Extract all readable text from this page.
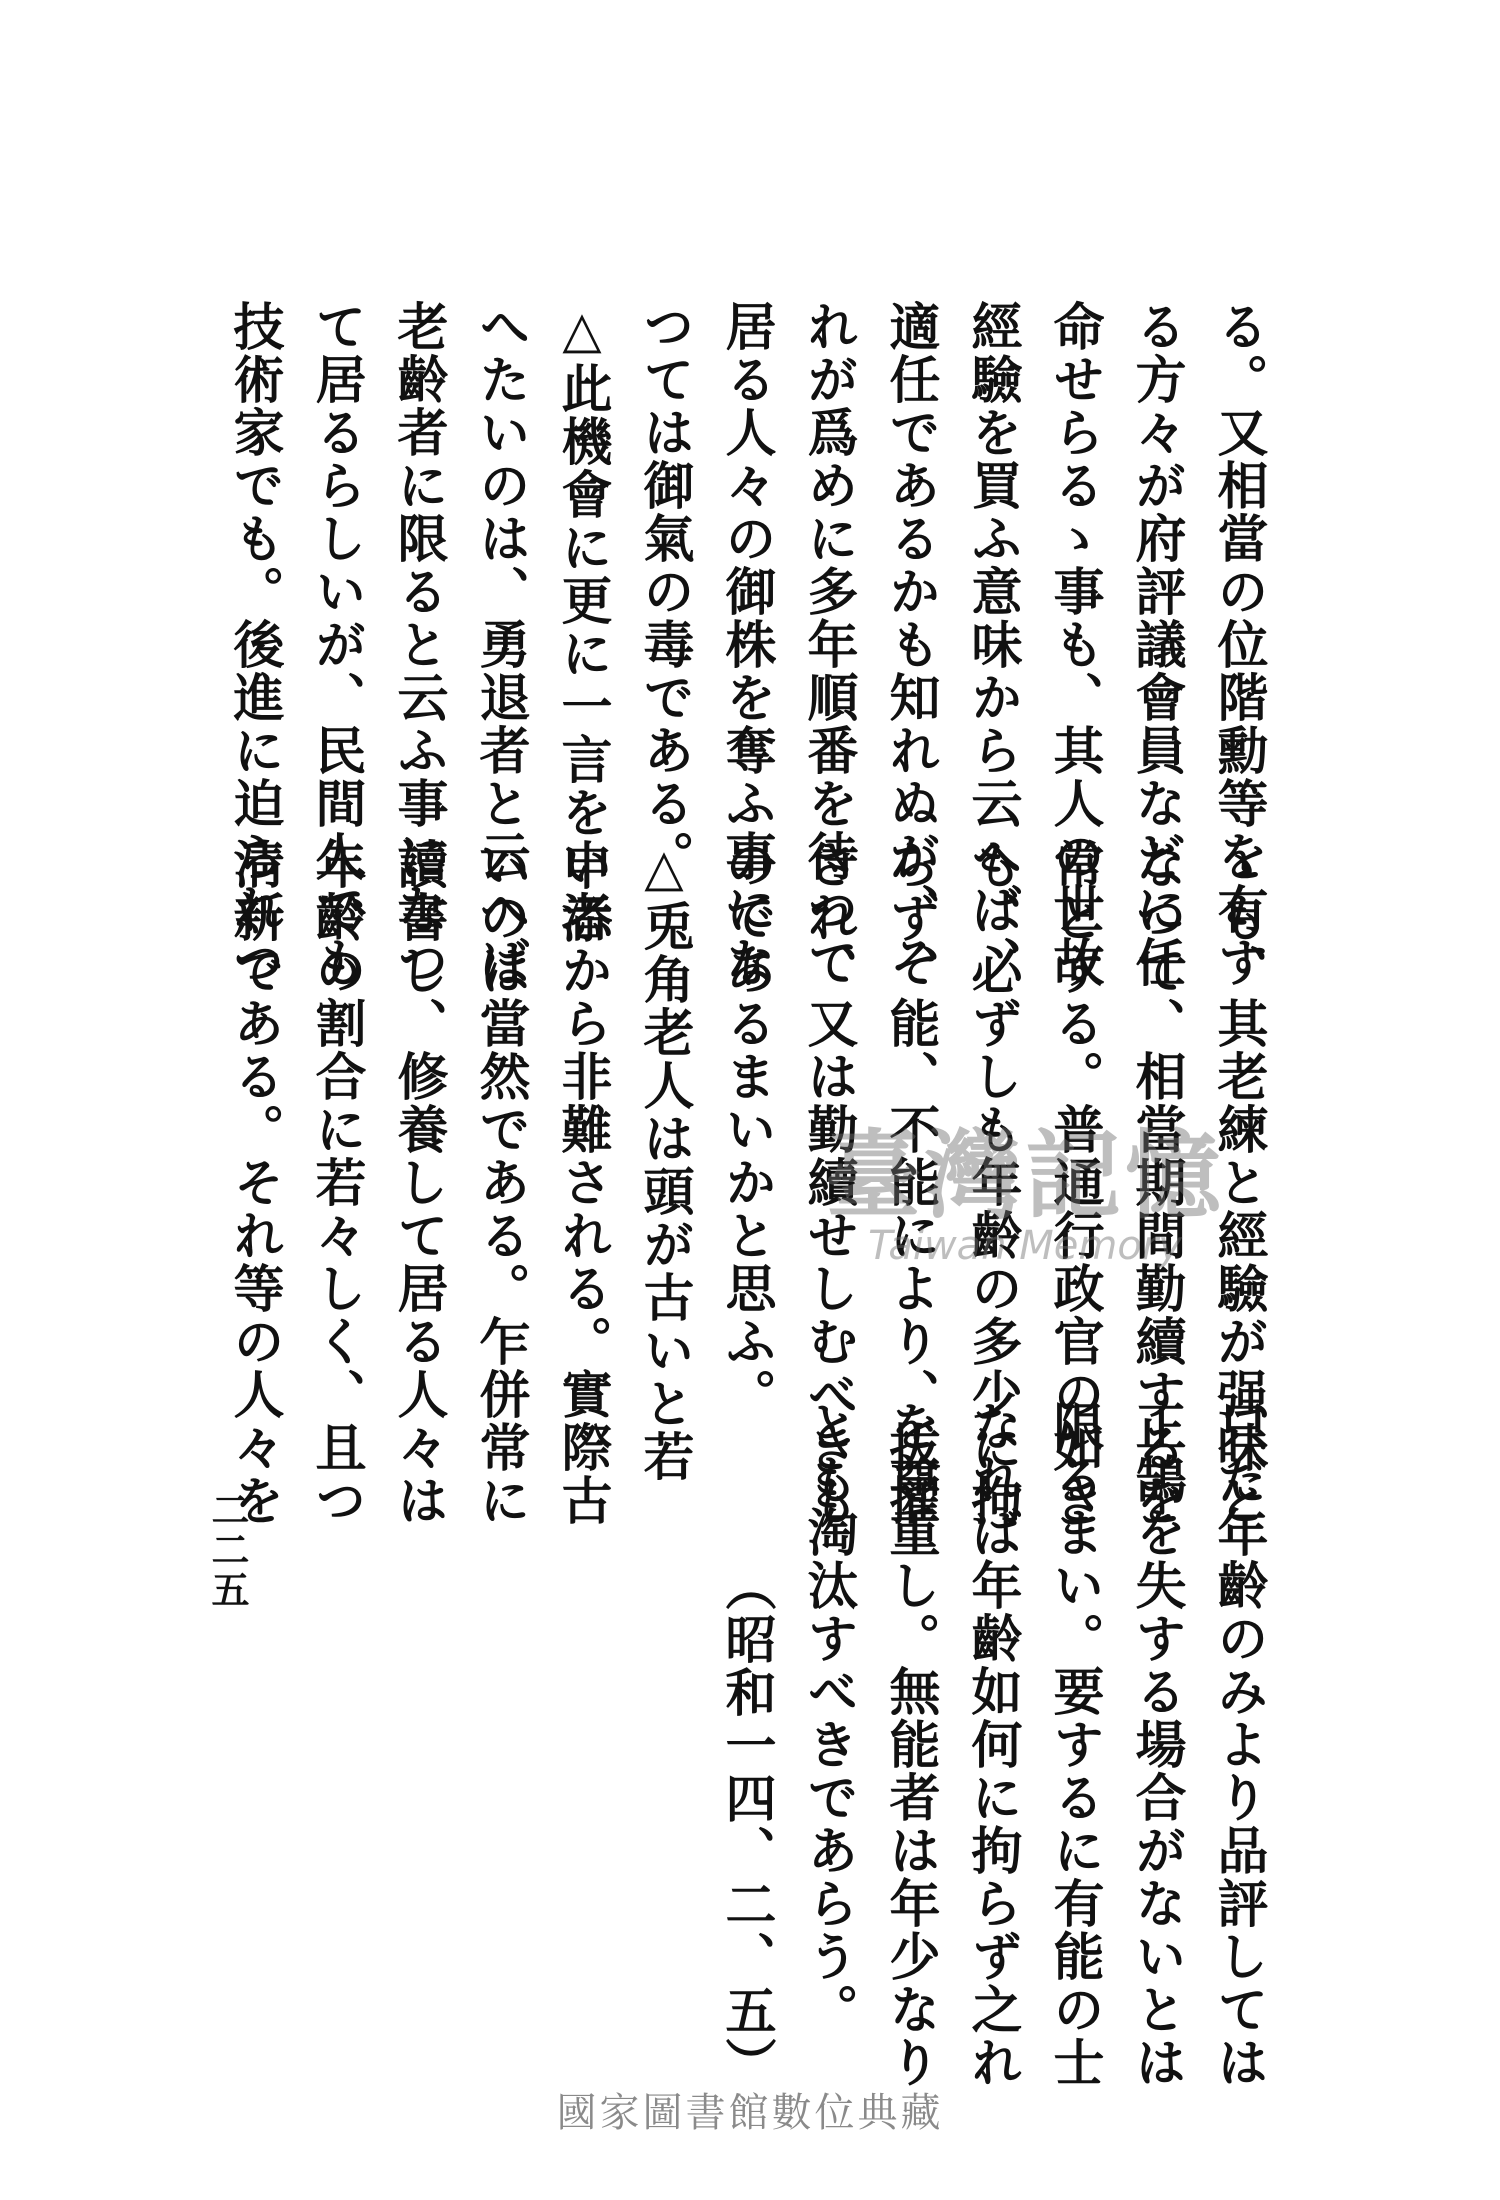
る。又相當の位階勳等を有す
る方々が府評議會員などに任
命せらるゝ事も、其人の世故
經驗を買ふ意味から云へば、
適任であるかも知れぬが、そ
れが爲めに多年順番を待つて
居る人々の御株を奪ふ事にな
つては御氣の毒である。
△此機會に更に一言を申添
へたいのは、勇退者と云へば
老齡者に限ると云ふ事になつ
て居るらしいが、民間人でも
技術家でも。後進に迫られつ
ゝも、其老練と經驗が强味と
なつて、相當期間勤續するを
常とする。普通行政官の如き
も、必ずしも年齡の多少に拘
らず、能、不能により、拔擢
され、又は勤續せしむべきも
のであるまいかと思ふ。
△兎角老人は頭が古いと若
い者から非難される。實際古
いのは當然である。乍併常に
讀書し、修養して居る人々は
年齡の割合に若々しく、且つ
淸新である。それ等の人々を
只だ年齡のみより品評しては
正鵠を失する場合がないとは
限るまい。要するに有能の士
なれば年齡如何に拘らず之れ
を尊重し。無能者は年少なり
とも淘汰すべきであらう。
（昭和一四、二、五）
二二五
臺灣記憶
Taiwan Memory
國家圖書館數位典藏
